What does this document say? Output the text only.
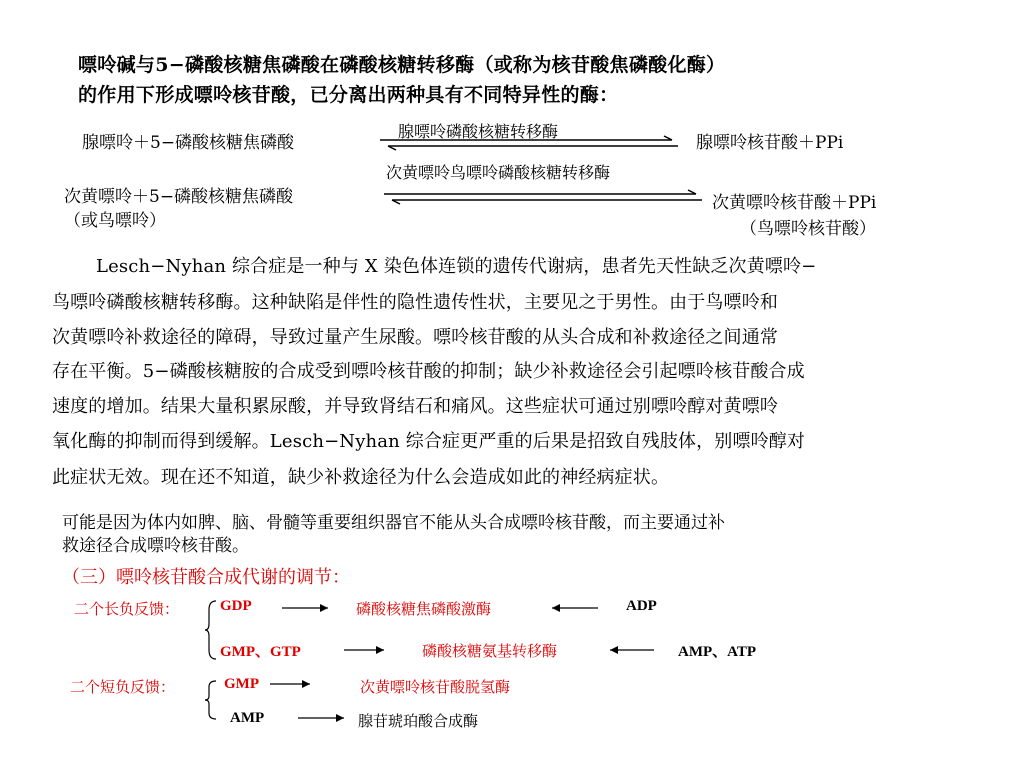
嘌呤碱与5−磷酸核糖焦磷酸在磷酸核糖转移酶（或称为核苷酸焦磷酸化酶）
的作用下形成嘌呤核苷酸，已分离出两种具有不同特异性的酶：
腺嘌呤＋5−磷酸核糖焦磷酸
腺嘌呤磷酸核糖转移酶
腺嘌呤核苷酸＋PPi
次黄嘌呤＋5−磷酸核糖焦磷酸
（或鸟嘌呤）
次黄嘌呤鸟嘌呤磷酸核糖转移酶
次黄嘌呤核苷酸＋PPi
（鸟嘌呤核苷酸）
Lesch−Nyhan 综合症是一种与 X 染色体连锁的遗传代谢病，患者先天性缺乏次黄嘌呤−
鸟嘌呤磷酸核糖转移酶。这种缺陷是伴性的隐性遗传性状，主要见之于男性。由于鸟嘌呤和
次黄嘌呤补救途径的障碍，导致过量产生尿酸。嘌呤核苷酸的从头合成和补救途径之间通常
存在平衡。5−磷酸核糖胺的合成受到嘌呤核苷酸的抑制；缺少补救途径会引起嘌呤核苷酸合成
速度的增加。结果大量积累尿酸，并导致肾结石和痛风。这些症状可通过别嘌呤醇对黄嘌呤
氧化酶的抑制而得到缓解。Lesch−Nyhan 综合症更严重的后果是招致自残肢体，别嘌呤醇对
此症状无效。现在还不知道，缺少补救途径为什么会造成如此的神经病症状。
可能是因为体内如脾、脑、骨髓等重要组织器官不能从头合成嘌呤核苷酸，而主要通过补
救途径合成嘌呤核苷酸。
（三）嘌呤核苷酸合成代谢的调节：
二个长负反馈：	GDP	磷酸核糖焦磷酸激酶	ADP
GMP、GTP	磷酸核糖氨基转移酶	AMP、ATP
二个短负反馈：	GMP	次黄嘌呤核苷酸脱氢酶
AMP	腺苷琥珀酸合成酶
